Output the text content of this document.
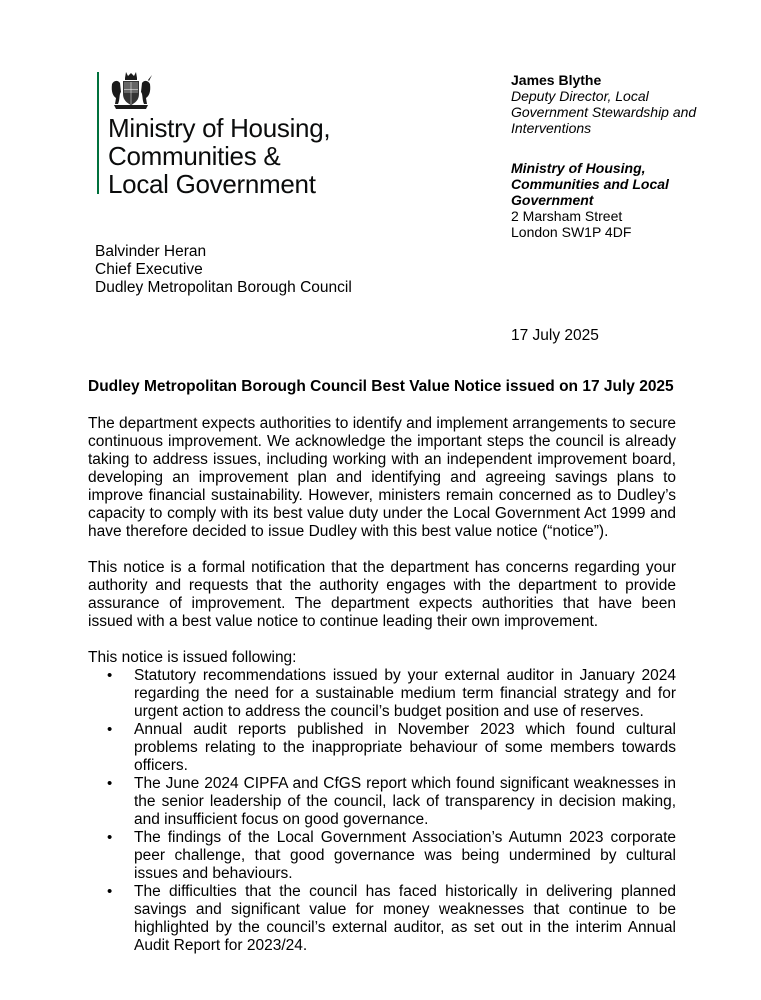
Ministry of Housing,
Communities &
Local Government
James Blythe
Deputy Director, Local
Government Stewardship and
Interventions
Ministry of Housing,
Communities and Local
Government
2 Marsham Street
London SW1P 4DF
Balvinder Heran
Chief Executive
Dudley Metropolitan Borough Council
17 July 2025
Dudley Metropolitan Borough Council Best Value Notice issued on 17 July 2025

The department expects authorities to identify and implement arrangements to secure continuous improvement. We acknowledge the important steps the council is already taking to address issues, including working with an independent improvement board, developing an improvement plan and identifying and agreeing savings plans to improve financial sustainability. However, ministers remain concerned as to Dudley’s capacity to comply with its best value duty under the Local Government Act 1999 and have therefore decided to issue Dudley with this best value notice (“notice”).

This notice is a formal notification that the department has concerns regarding your authority and requests that the authority engages with the department to provide assurance of improvement. The department expects authorities that have been issued with a best value notice to continue leading their own improvement.

This notice is issued following:

• Statutory recommendations issued by your external auditor in January 2024 regarding the need for a sustainable medium term financial strategy and for urgent action to address the council’s budget position and use of reserves.
• Annual audit reports published in November 2023 which found cultural problems relating to the inappropriate behaviour of some members towards officers.
• The June 2024 CIPFA and CfGS report which found significant weaknesses in the senior leadership of the council, lack of transparency in decision making, and insufficient focus on good governance.
• The findings of the Local Government Association’s Autumn 2023 corporate peer challenge, that good governance was being undermined by cultural issues and behaviours.
• The difficulties that the council has faced historically in delivering planned savings and significant value for money weaknesses that continue to be highlighted by the council’s external auditor, as set out in the interim Annual Audit Report for 2023/24.
